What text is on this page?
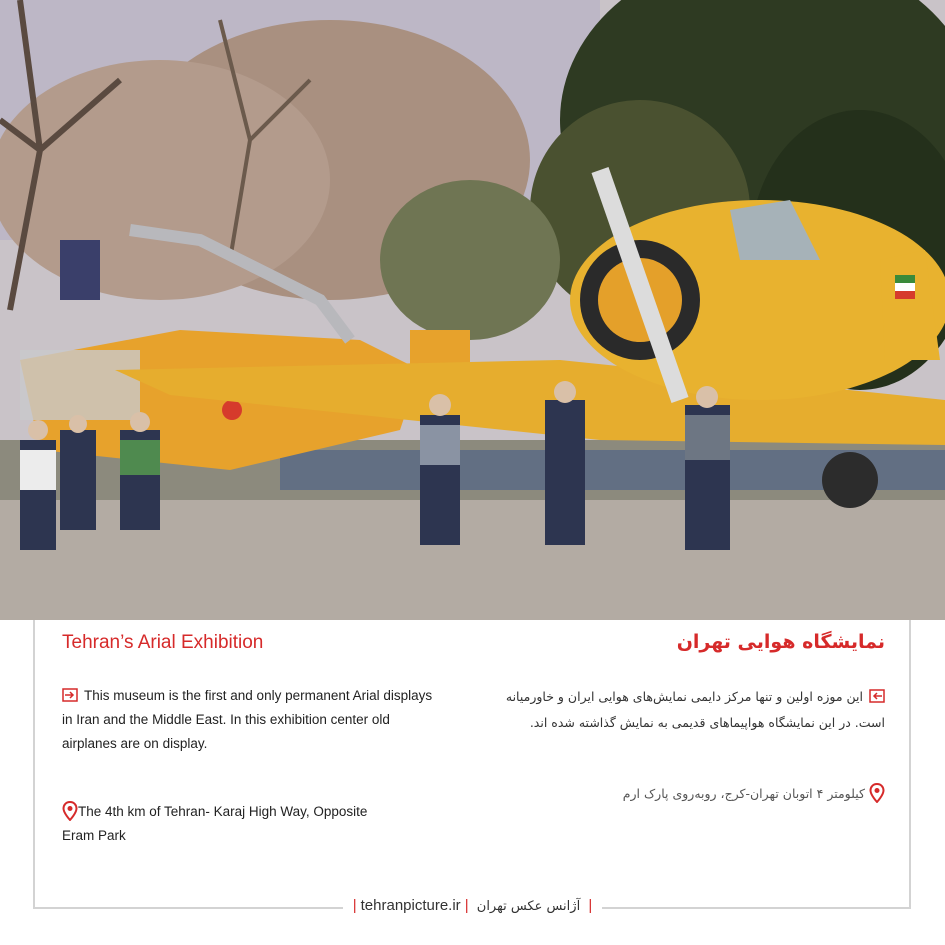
Tehran’s Arial Exhibition	نمایشگاه هوایی تهران
This museum is the first and only permanent Arial displays in Iran and the Middle East. In this exhibition center old airplanes are on display.
این موزه اولین و تنها مرکز دایمی نمایش‌های هوایی ایران و خاورمیانه است. در این نمایشگاه هواپیماهای قدیمی به نمایش گذاشته شده اند.
The 4th km of Tehran- Karaj High Way, Opposite Eram Park
کیلومتر ۴ اتوبان تهران-کرج، روبه‌روی پارک ارم
| tehranpicture.ir | آژانس عکس تهران |
